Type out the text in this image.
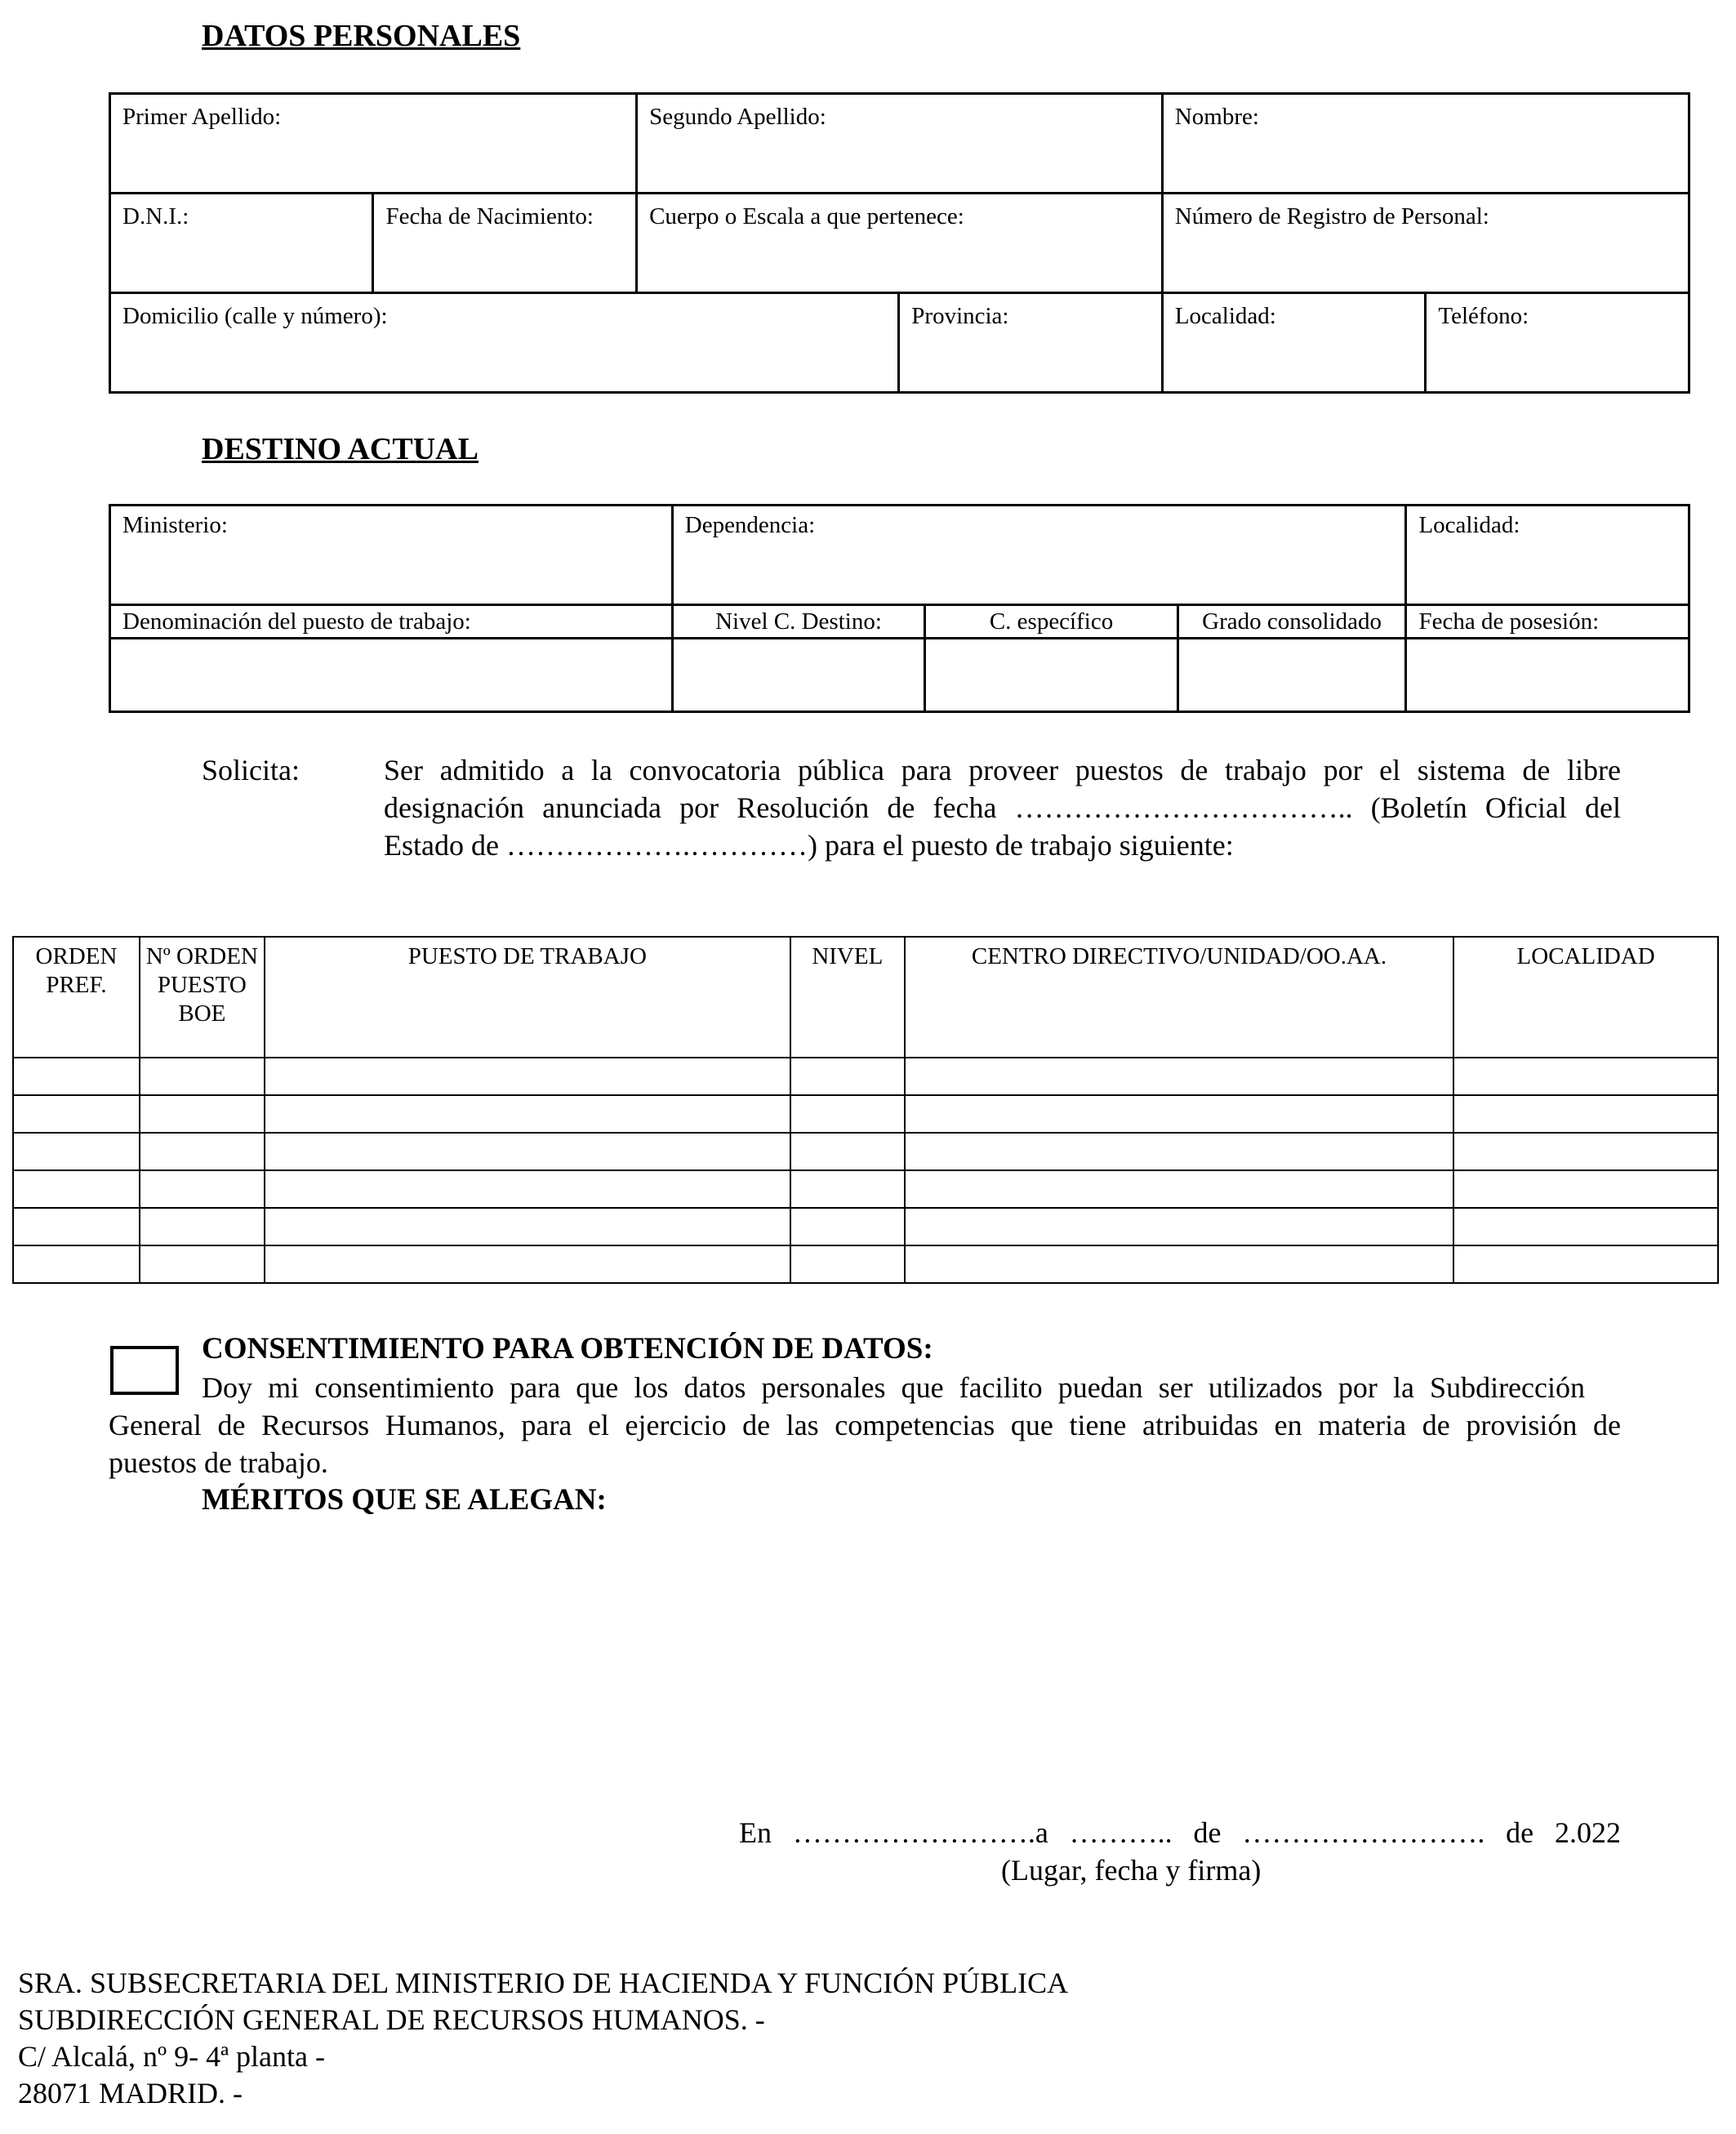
DATOS PERSONALES
Primer Apellido:		Segundo Apellido:		Nombre:	

D.N.I.:	Fecha de Nacimiento:	Cuerpo o Escala a que pertenece:		Número de Registro de Personal:	

Domicilio (calle y número):			Provincia:	Localidad:	Teléfono:
DESTINO ACTUAL
Ministerio:	Dependencia:			Localidad:
Denominación del puesto de trabajo:	Nivel C. Destino:	C. específico	Grado consolidado	Fecha de posesión:

Solicita:	Ser admitido a la convocatoria pública para proveer puestos de trabajo por el sistema de libre
designación anunciada por Resolución de fecha …………………………….. (Boletín Oficial del
Estado de ……………….…………) para el puesto de trabajo siguiente:
ORDEN PREF.	Nº ORDEN PUESTO BOE	PUESTO DE TRABAJO	NIVEL	CENTRO DIRECTIVO/UNIDAD/OO.AA.	LOCALIDAD

CONSENTIMIENTO PARA OBTENCIÓN DE DATOS:
Doy mi consentimiento para que los datos personales que facilito puedan ser utilizados por la Subdirección
General de Recursos Humanos, para el ejercicio de las competencias que tiene atribuidas en materia de provisión de
puestos de trabajo.
MÉRITOS QUE SE ALEGAN:
En …………………….a ……….. de ……………………. de 2.022
(Lugar, fecha y firma)
SRA. SUBSECRETARIA DEL MINISTERIO DE HACIENDA Y FUNCIÓN PÚBLICA
SUBDIRECCIÓN GENERAL DE RECURSOS HUMANOS. -
C/ Alcalá, nº 9- 4ª planta -
28071 MADRID. -
